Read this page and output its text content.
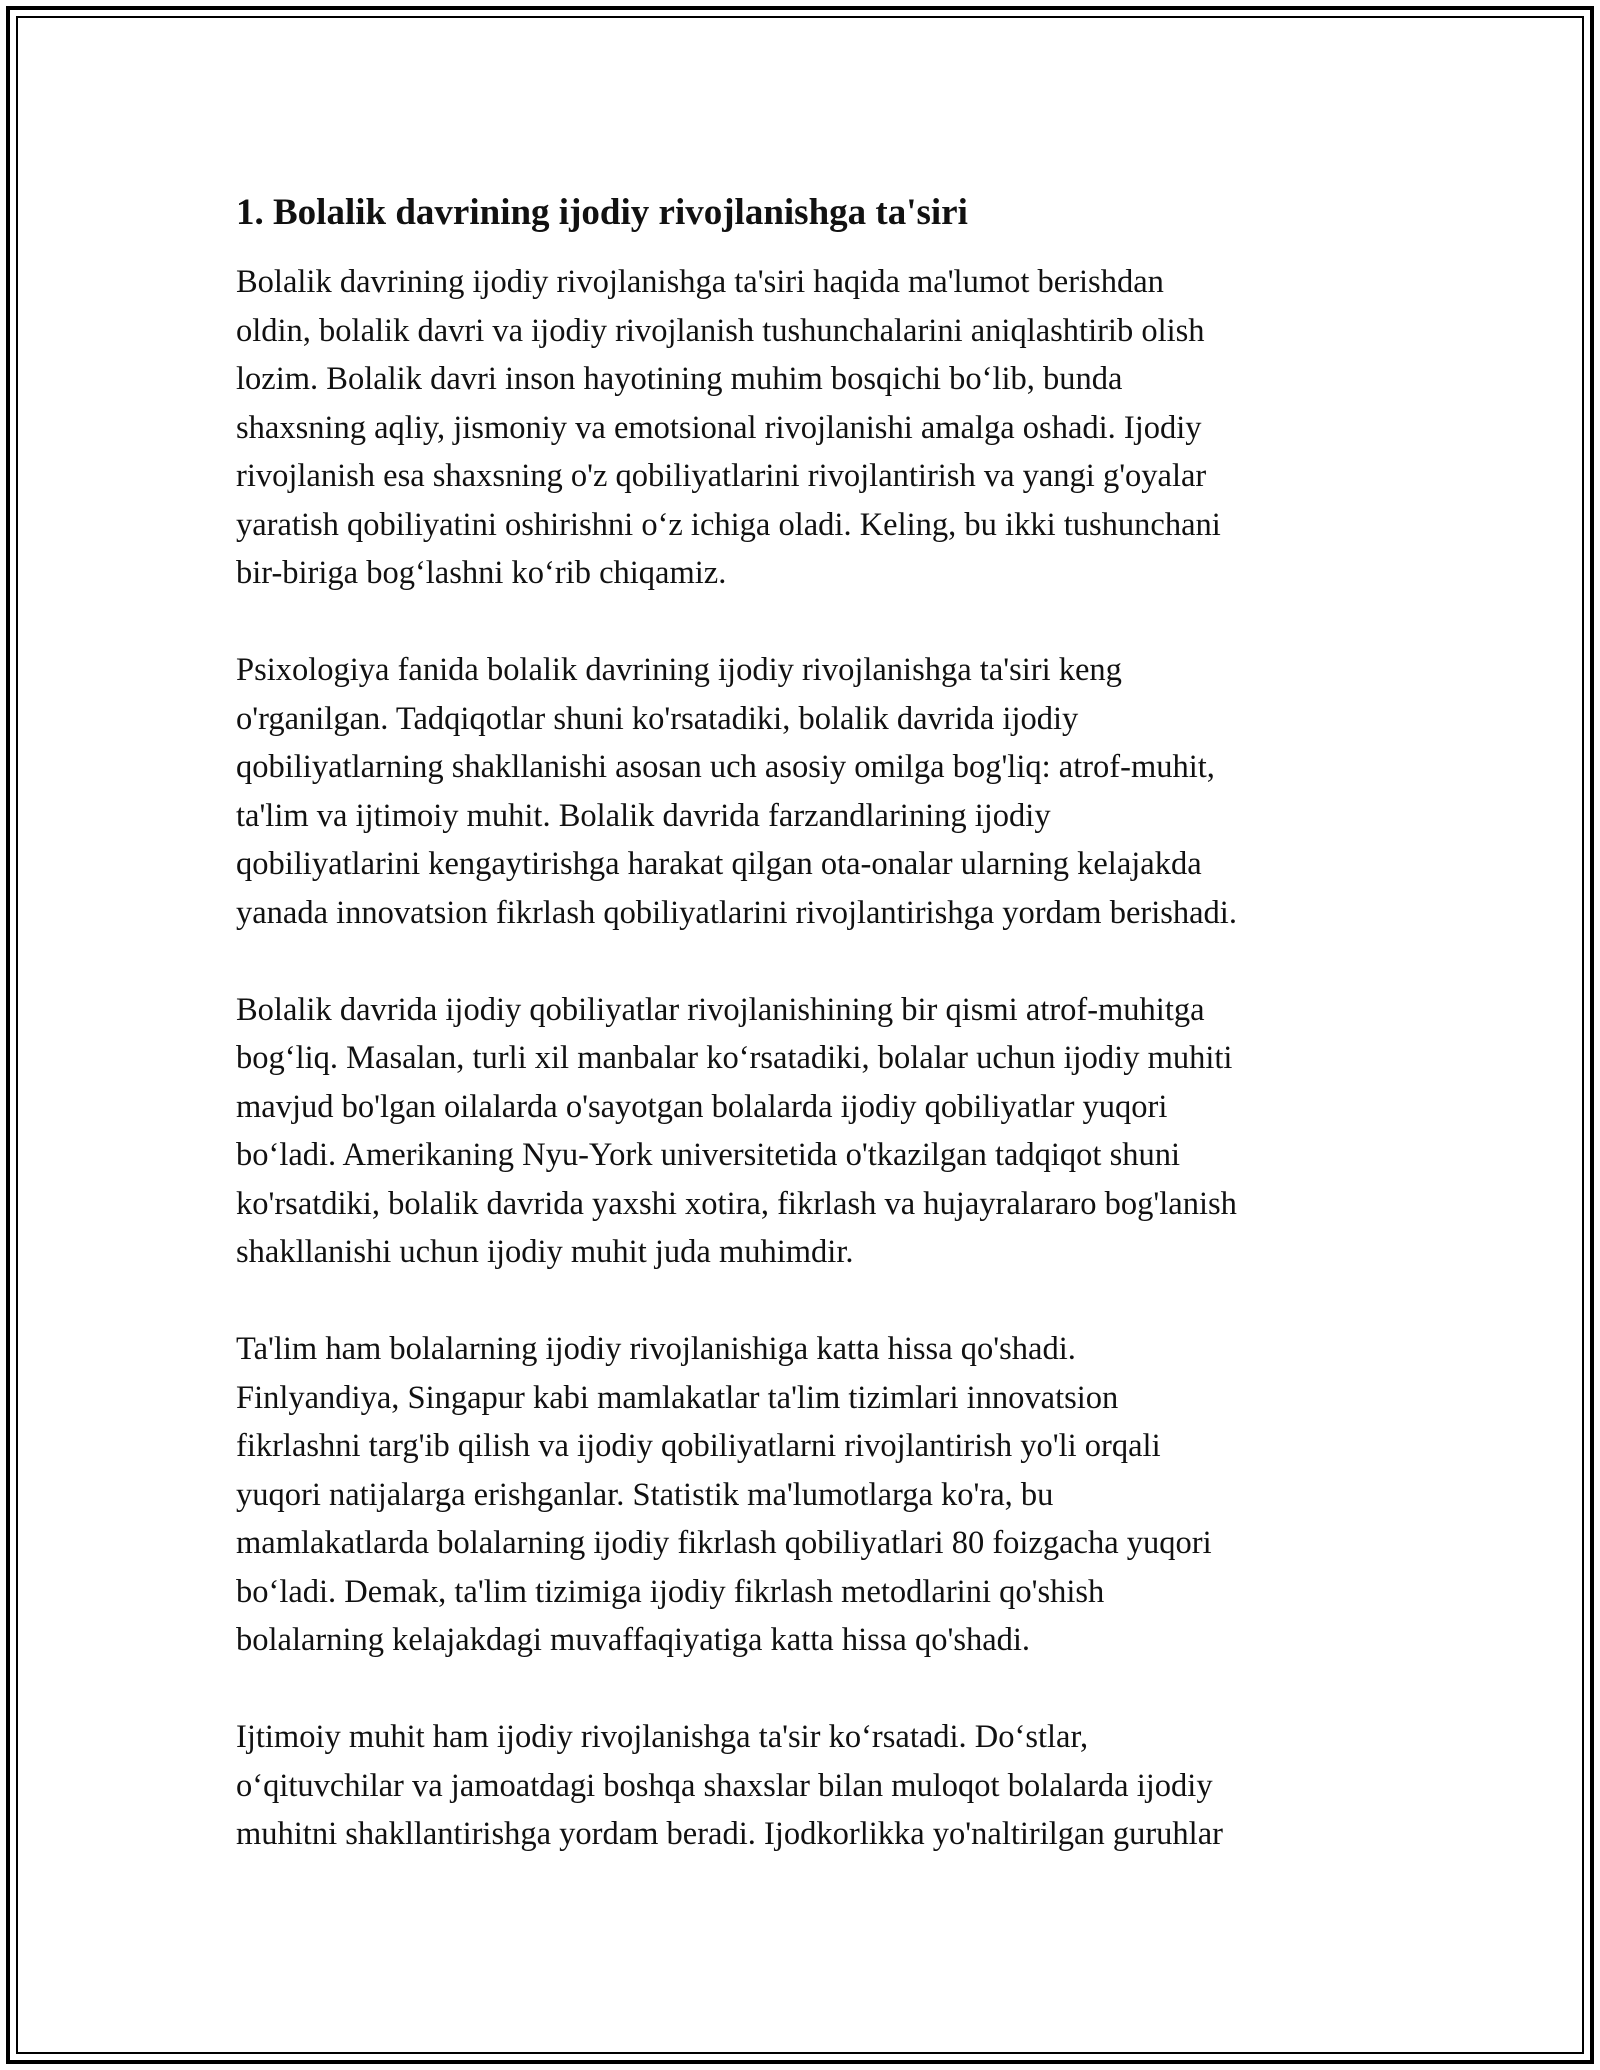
1. Bolalik davrining ijodiy rivojlanishga ta'siri

Bolalik davrining ijodiy rivojlanishga ta'siri haqida ma'lumot berishdan
oldin, bolalik davri va ijodiy rivojlanish tushunchalarini aniqlashtirib olish
lozim. Bolalik davri inson hayotining muhim bosqichi boʻlib, bunda
shaxsning aqliy, jismoniy va emotsional rivojlanishi amalga oshadi. Ijodiy
rivojlanish esa shaxsning o'z qobiliyatlarini rivojlantirish va yangi g'oyalar
yaratish qobiliyatini oshirishni oʻz ichiga oladi. Keling, bu ikki tushunchani
bir-biriga bogʻlashni koʻrib chiqamiz.

Psixologiya fanida bolalik davrining ijodiy rivojlanishga ta'siri keng
o'rganilgan. Tadqiqotlar shuni ko'rsatadiki, bolalik davrida ijodiy
qobiliyatlarning shakllanishi asosan uch asosiy omilga bog'liq: atrof-muhit,
ta'lim va ijtimoiy muhit. Bolalik davrida farzandlarining ijodiy
qobiliyatlarini kengaytirishga harakat qilgan ota-onalar ularning kelajakda
yanada innovatsion fikrlash qobiliyatlarini rivojlantirishga yordam berishadi.

Bolalik davrida ijodiy qobiliyatlar rivojlanishining bir qismi atrof-muhitga
bogʻliq. Masalan, turli xil manbalar koʻrsatadiki, bolalar uchun ijodiy muhiti
mavjud bo'lgan oilalarda o'sayotgan bolalarda ijodiy qobiliyatlar yuqori
boʻladi. Amerikaning Nyu-York universitetida o'tkazilgan tadqiqot shuni
ko'rsatdiki, bolalik davrida yaxshi xotira, fikrlash va hujayralararo bog'lanish
shakllanishi uchun ijodiy muhit juda muhimdir.

Ta'lim ham bolalarning ijodiy rivojlanishiga katta hissa qo'shadi.
Finlyandiya, Singapur kabi mamlakatlar ta'lim tizimlari innovatsion
fikrlashni targ'ib qilish va ijodiy qobiliyatlarni rivojlantirish yo'li orqali
yuqori natijalarga erishganlar. Statistik ma'lumotlarga ko'ra, bu
mamlakatlarda bolalarning ijodiy fikrlash qobiliyatlari 80 foizgacha yuqori
boʻladi. Demak, ta'lim tizimiga ijodiy fikrlash metodlarini qo'shish
bolalarning kelajakdagi muvaffaqiyatiga katta hissa qo'shadi.

Ijtimoiy muhit ham ijodiy rivojlanishga ta'sir koʻrsatadi. Doʻstlar,
oʻqituvchilar va jamoatdagi boshqa shaxslar bilan muloqot bolalarda ijodiy
muhitni shakllantirishga yordam beradi. Ijodkorlikka yo'naltirilgan guruhlar
